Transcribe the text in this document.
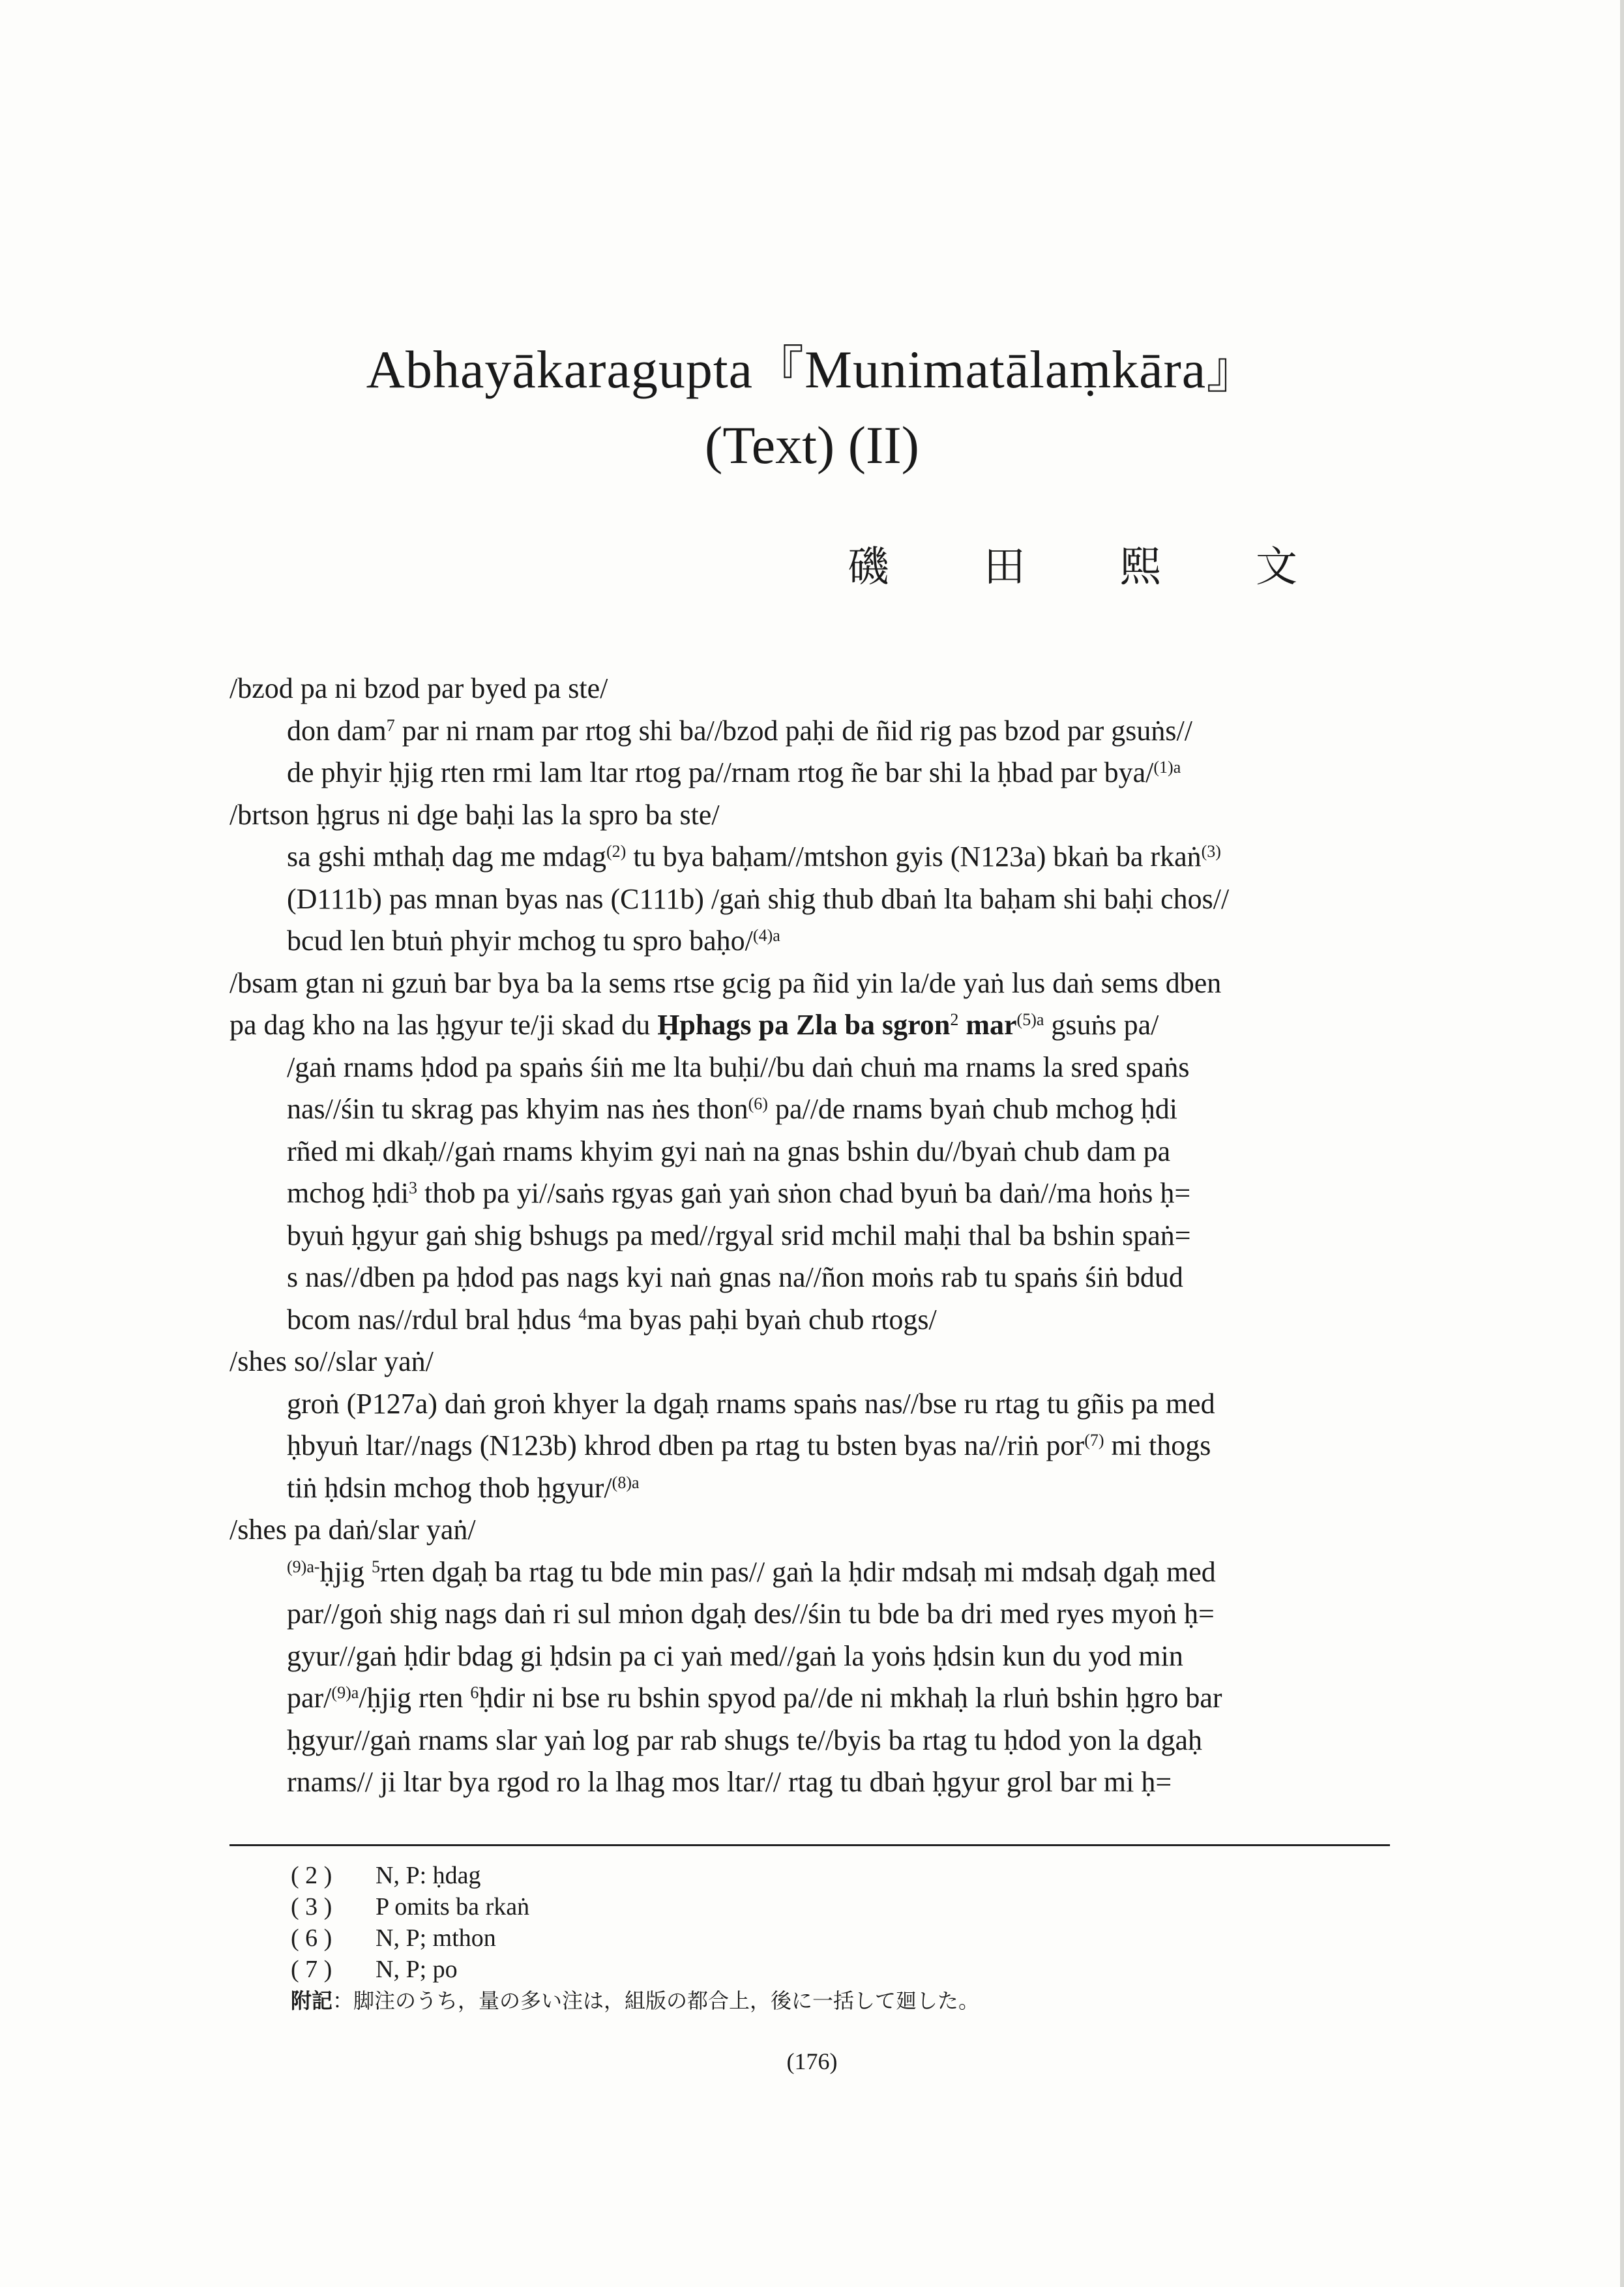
Abhayākaragupta『Munimatālaṃkāra』
(Text) (II)
磯 田 熙 文
/bzod pa ni bzod par byed pa ste/
don dam$^7$ par ni rnam par rtog shi ba//bzod paḥi de ñid rig pas bzod par gsuṅs//
de phyir ḥjig rten rmi lam ltar rtog pa//rnam rtog ñe bar shi la ḥbad par bya/$^{(1)a}$
/brtson ḥgrus ni dge baḥi las la spro ba ste/
sa gshi mthaḥ dag me mdag$^{(2)}$ tu bya baḥam//mtshon gyis (N123a) bkaṅ ba rkaṅ$^{(3)}$
(D111b) pas mnan byas nas (C111b) /gaṅ shig thub dbaṅ lta baḥam shi baḥi chos//
bcud len btuṅ phyir mchog tu spro baḥo/$^{(4)a}$
/bsam gtan ni gzuṅ bar bya ba la sems rtse gcig pa ñid yin la/de yaṅ lus daṅ sems dben
pa dag kho na las ḥgyur te/ji skad du Ḥphags pa Zla ba sgron$^2$ mar$^{(5)a}$ gsuṅs pa/
/gaṅ rnams ḥdod pa spaṅs śiṅ me lta buḥi//bu daṅ chuṅ ma rnams la sred spaṅs
nas//śin tu skrag pas khyim nas ṅes thon$^{(6)}$ pa//de rnams byaṅ chub mchog ḥdi
rñed mi dkaḥ//gaṅ rnams khyim gyi naṅ na gnas bshin du//byaṅ chub dam pa
mchog ḥdi$^3$ thob pa yi//saṅs rgyas gaṅ yaṅ sṅon chad byuṅ ba daṅ//ma hoṅs ḥ=
byuṅ ḥgyur gaṅ shig bshugs pa med//rgyal srid mchil maḥi thal ba bshin spaṅ=
s nas//dben pa ḥdod pas nags kyi naṅ gnas na//ñon moṅs rab tu spaṅs śiṅ bdud
bcom nas//rdul bral ḥdus $^4$ma byas paḥi byaṅ chub rtogs/
/shes so//slar yaṅ/
groṅ (P127a) daṅ groṅ khyer la dgaḥ rnams spaṅs nas//bse ru rtag tu gñis pa med
ḥbyuṅ ltar//nags (N123b) khrod dben pa rtag tu bsten byas na//riṅ por$^{(7)}$ mi thogs
tiṅ ḥdsin mchog thob ḥgyur/$^{(8)a}$
/shes pa daṅ/slar yaṅ/
$^{(9)a-}$ḥjig $^5$rten dgaḥ ba rtag tu bde min pas// gaṅ la ḥdir mdsaḥ mi mdsaḥ dgaḥ med
par//goṅ shig nags daṅ ri sul mṅon dgaḥ des//śin tu bde ba dri med ryes myoṅ ḥ=
gyur//gaṅ ḥdir bdag gi ḥdsin pa ci yaṅ med//gaṅ la yoṅs ḥdsin kun du yod min
par/$^{(9)a}$/ḥjig rten $^6$ḥdir ni bse ru bshin spyod pa//de ni mkhaḥ la rluṅ bshin ḥgro bar
ḥgyur//gaṅ rnams slar yaṅ log par rab shugs te//byis ba rtag tu ḥdod yon la dgaḥ
rnams// ji ltar bya rgod ro la lhag mos ltar// rtag tu dbaṅ ḥgyur grol bar mi ḥ=
( 2 ) N, P: ḥdag
( 3 ) P omits ba rkaṅ
( 6 ) N, P; mthon
( 7 ) N, P; po
附記：脚注のうち，量の多い注は，組版の都合上，後に一括して廻した。
(176)
